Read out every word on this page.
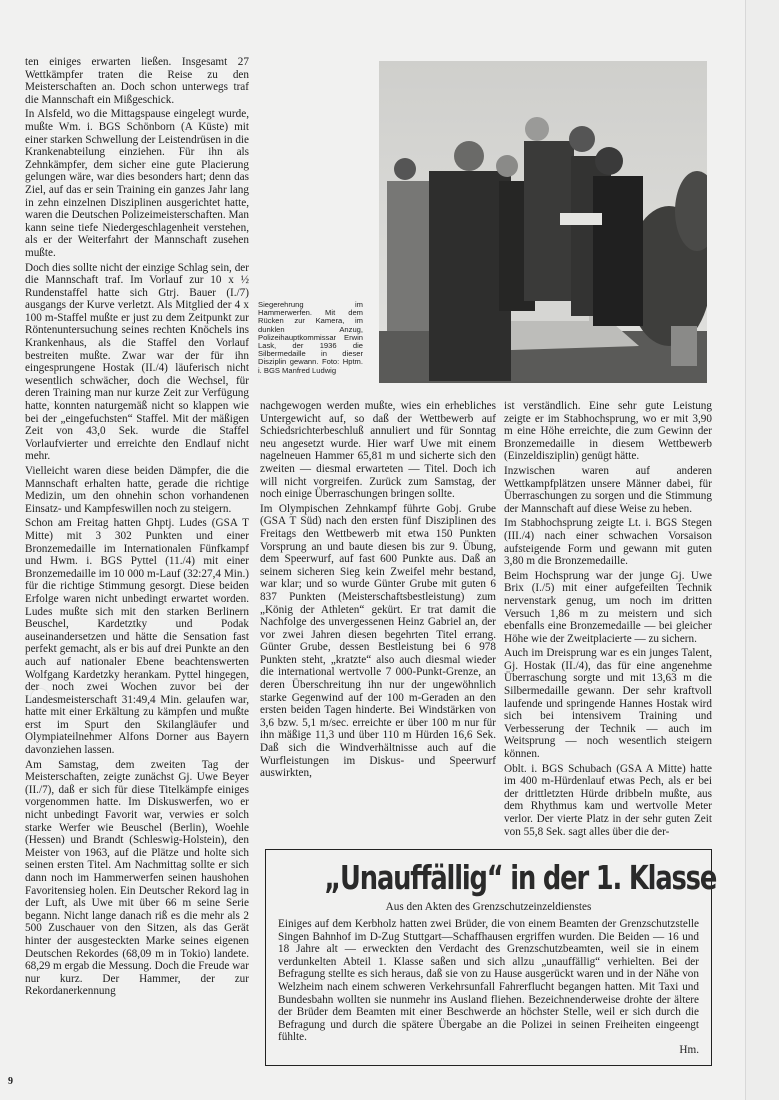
ten einiges erwarten ließen. Insgesamt 27 Wettkämpfer traten die Reise zu den Meisterschaften an. Doch schon unterwegs traf die Mannschaft ein Mißgeschick.

In Alsfeld, wo die Mittagspause eingelegt wurde, mußte Wm. i. BGS Schönborn (A Küste) mit einer starken Schwellung der Leistendrüsen in die Krankenabteilung einziehen. Für ihn als Zehnkämpfer, dem sicher eine gute Placierung gelungen wäre, war dies besonders hart; denn das Ziel, auf das er sein Training ein ganzes Jahr lang in zehn einzelnen Disziplinen ausgerichtet hatte, waren die Deutschen Polizeimeisterschaften. Man kann seine tiefe Niedergeschlagenheit verstehen, als er der Weiterfahrt der Mannschaft zusehen mußte.

Doch dies sollte nicht der einzige Schlag sein, der die Mannschaft traf. Im Vorlauf zur 10 x ½ Rundenstaffel hatte sich Gtrj. Bauer (I./7) ausgangs der Kurve verletzt. Als Mitglied der 4 x 100 m-Staffel mußte er just zu dem Zeitpunkt zur Röntenuntersuchung seines rechten Knöchels ins Krankenhaus, als die Staffel den Vorlauf bestreiten mußte. Zwar war der für ihn eingesprungene Hostak (II./4) läuferisch nicht wesentlich schwächer, doch die Wechsel, für deren Training man nur kurze Zeit zur Verfügung hatte, konnten naturgemäß nicht so klappen wie bei der „eingefuchsten“ Staffel. Mit der mäßigen Zeit von 43,0 Sek. wurde die Staffel Vorlaufvierter und erreichte den Endlauf nicht mehr.

Vielleicht waren diese beiden Dämpfer, die die Mannschaft erhalten hatte, gerade die richtige Medizin, um den ohnehin schon vorhandenen Einsatz- und Kampfeswillen noch zu steigern.

Schon am Freitag hatten Ghptj. Ludes (GSA T Mitte) mit 3 302 Punkten und einer Bronzemedaille im Internationalen Fünfkampf und Hwm. i. BGS Pyttel (11./4) mit einer Bronzemedaille im 10 000 m-Lauf (32:27,4 Min.) für die richtige Stimmung gesorgt. Diese beiden Erfolge waren nicht unbedingt erwartet worden. Ludes mußte sich mit den starken Berlinern Beuschel, Kardetztky und Podak auseinandersetzen und hätte die Sensation fast perfekt gemacht, als er bis auf drei Punkte an den auch auf nationaler Ebene beachtenswerten Wolfgang Kardetzky herankam. Pyttel hingegen, der noch zwei Wochen zuvor bei der Landesmeisterschaft 31:49,4 Min. gelaufen war, hatte mit einer Erkältung zu kämpfen und mußte erst im Spurt den Skilangläufer und Olympiateilnehmer Alfons Dorner aus Bayern davonziehen lassen.

Am Samstag, dem zweiten Tag der Meisterschaften, zeigte zunächst Gj. Uwe Beyer (II./7), daß er sich für diese Titelkämpfe einiges vorgenommen hatte. Im Diskuswerfen, wo er nicht unbedingt Favorit war, verwies er solch starke Werfer wie Beuschel (Berlin), Woehle (Hessen) und Brandt (Schleswig-Holstein), den Meister von 1963, auf die Plätze und holte sich seinen ersten Titel. Am Nachmittag sollte er sich dann noch im Hammerwerfen seinen haushohen Favoritensieg holen. Ein Deutscher Rekord lag in der Luft, als Uwe mit über 66 m seine Serie begann. Nicht lange danach riß es die mehr als 2 500 Zuschauer von den Sitzen, als das Gerät hinter der ausgesteckten Marke seines eigenen Deutschen Rekordes (68,09 m in Tokio) landete. 68,29 m ergab die Messung. Doch die Freude war nur kurz. Der Hammer, der zur Rekordanerkennung

Siegerehrung im Hammerwerfen. Mit dem Rücken zur Kamera, im dunklen Anzug, Polizeihauptkommissar Erwin Lask, der 1936 die Silbermedaille in dieser Disziplin gewann. Foto: Hptm. i. BGS Manfred Ludwig

nachgewogen werden mußte, wies ein erhebliches Untergewicht auf, so daß der Wettbewerb auf Schiedsrichterbeschluß annuliert und für Sonntag neu angesetzt wurde. Hier warf Uwe mit einem nagelneuen Hammer 65,81 m und sicherte sich den zweiten — diesmal erwarteten — Titel. Doch ich will nicht vorgreifen. Zurück zum Samstag, der noch einige Überraschungen bringen sollte.

Im Olympischen Zehnkampf führte Gobj. Grube (GSA T Süd) nach den ersten fünf Disziplinen des Freitags den Wettbewerb mit etwa 150 Punkten Vorsprung an und baute diesen bis zur 9. Übung, dem Speerwurf, auf fast 600 Punkte aus. Daß an seinem sicheren Sieg kein Zweifel mehr bestand, war klar; und so wurde Günter Grube mit guten 6 837 Punkten (Meisterschaftsbestleistung) zum „König der Athleten“ gekürt. Er trat damit die Nachfolge des unvergessenen Heinz Gabriel an, der vor zwei Jahren diesen begehrten Titel errang. Günter Grube, dessen Bestleistung bei 6 978 Punkten steht, „kratzte“ also auch diesmal wieder die international wertvolle 7 000-Punkt-Grenze, an deren Überschreitung ihn nur der ungewöhnlich starke Gegenwind auf der 100 m-Geraden an den ersten beiden Tagen hinderte. Bei Windstärken von 3,6 bzw. 5,1 m/sec. erreichte er über 100 m nur für ihn mäßige 11,3 und über 110 m Hürden 16,6 Sek. Daß sich die Windverhältnisse auch auf die Wurfleistungen im Diskus- und Speerwurf auswirkten,

ist verständlich. Eine sehr gute Leistung zeigte er im Stabhochsprung, wo er mit 3,90 m eine Höhe erreichte, die zum Gewinn der Bronzemedaille in diesem Wettbewerb (Einzeldisziplin) genügt hätte.

Inzwischen waren auf anderen Wettkampfplätzen unsere Männer dabei, für Überraschungen zu sorgen und die Stimmung der Mannschaft auf diese Weise zu heben.

Im Stabhochsprung zeigte Lt. i. BGS Stegen (III./4) nach einer schwachen Vorsaison aufsteigende Form und gewann mit guten 3,80 m die Bronzemedaille.

Beim Hochsprung war der junge Gj. Uwe Brix (I./5) mit einer aufgefeilten Technik nervenstark genug, um noch im dritten Versuch 1,86 m zu meistern und sich ebenfalls eine Bronzemedaille — bei gleicher Höhe wie der Zweitplacierte — zu sichern.

Auch im Dreisprung war es ein junges Talent, Gj. Hostak (II./4), das für eine angenehme Überraschung sorgte und mit 13,63 m die Silbermedaille gewann. Der sehr kraftvoll laufende und springende Hannes Hostak wird sich bei intensivem Training und Verbesserung der Technik — auch im Weitsprung — noch wesentlich steigern können.

Oblt. i. BGS Schubach (GSA A Mitte) hatte im 400 m-Hürdenlauf etwas Pech, als er bei der drittletzten Hürde dribbeln mußte, aus dem Rhythmus kam und wertvolle Meter verlor. Der vierte Platz in der sehr guten Zeit von 55,8 Sek. sagt alles über die der-

„Unauffällig“ in der 1. Klasse
Aus den Akten des Grenzschutzeinzeldienstes
Einiges auf dem Kerbholz hatten zwei Brüder, die von einem Beamten der Grenzschutzstelle Singen Bahnhof im D-Zug Stuttgart—Schaffhausen ergriffen wurden. Die Beiden — 16 und 18 Jahre alt — erweckten den Verdacht des Grenzschutzbeamten, weil sie in einem verdunkelten Abteil 1. Klasse saßen und sich allzu „unauffällig“ verhielten. Bei der Befragung stellte es sich heraus, daß sie von zu Hause ausgerückt waren und in der Nähe von Welzheim nach einem schweren Verkehrsunfall Fahrerflucht begangen hatten. Mit Taxi und Bundesbahn wollten sie nunmehr ins Ausland fliehen. Bezeichnenderweise drohte der ältere der Brüder dem Beamten mit einer Beschwerde an höchster Stelle, weil er sich durch die Befragung und durch die spätere Übergabe an die Polizei in seinen Freiheiten eingeengt fühlte.
Hm.
9
